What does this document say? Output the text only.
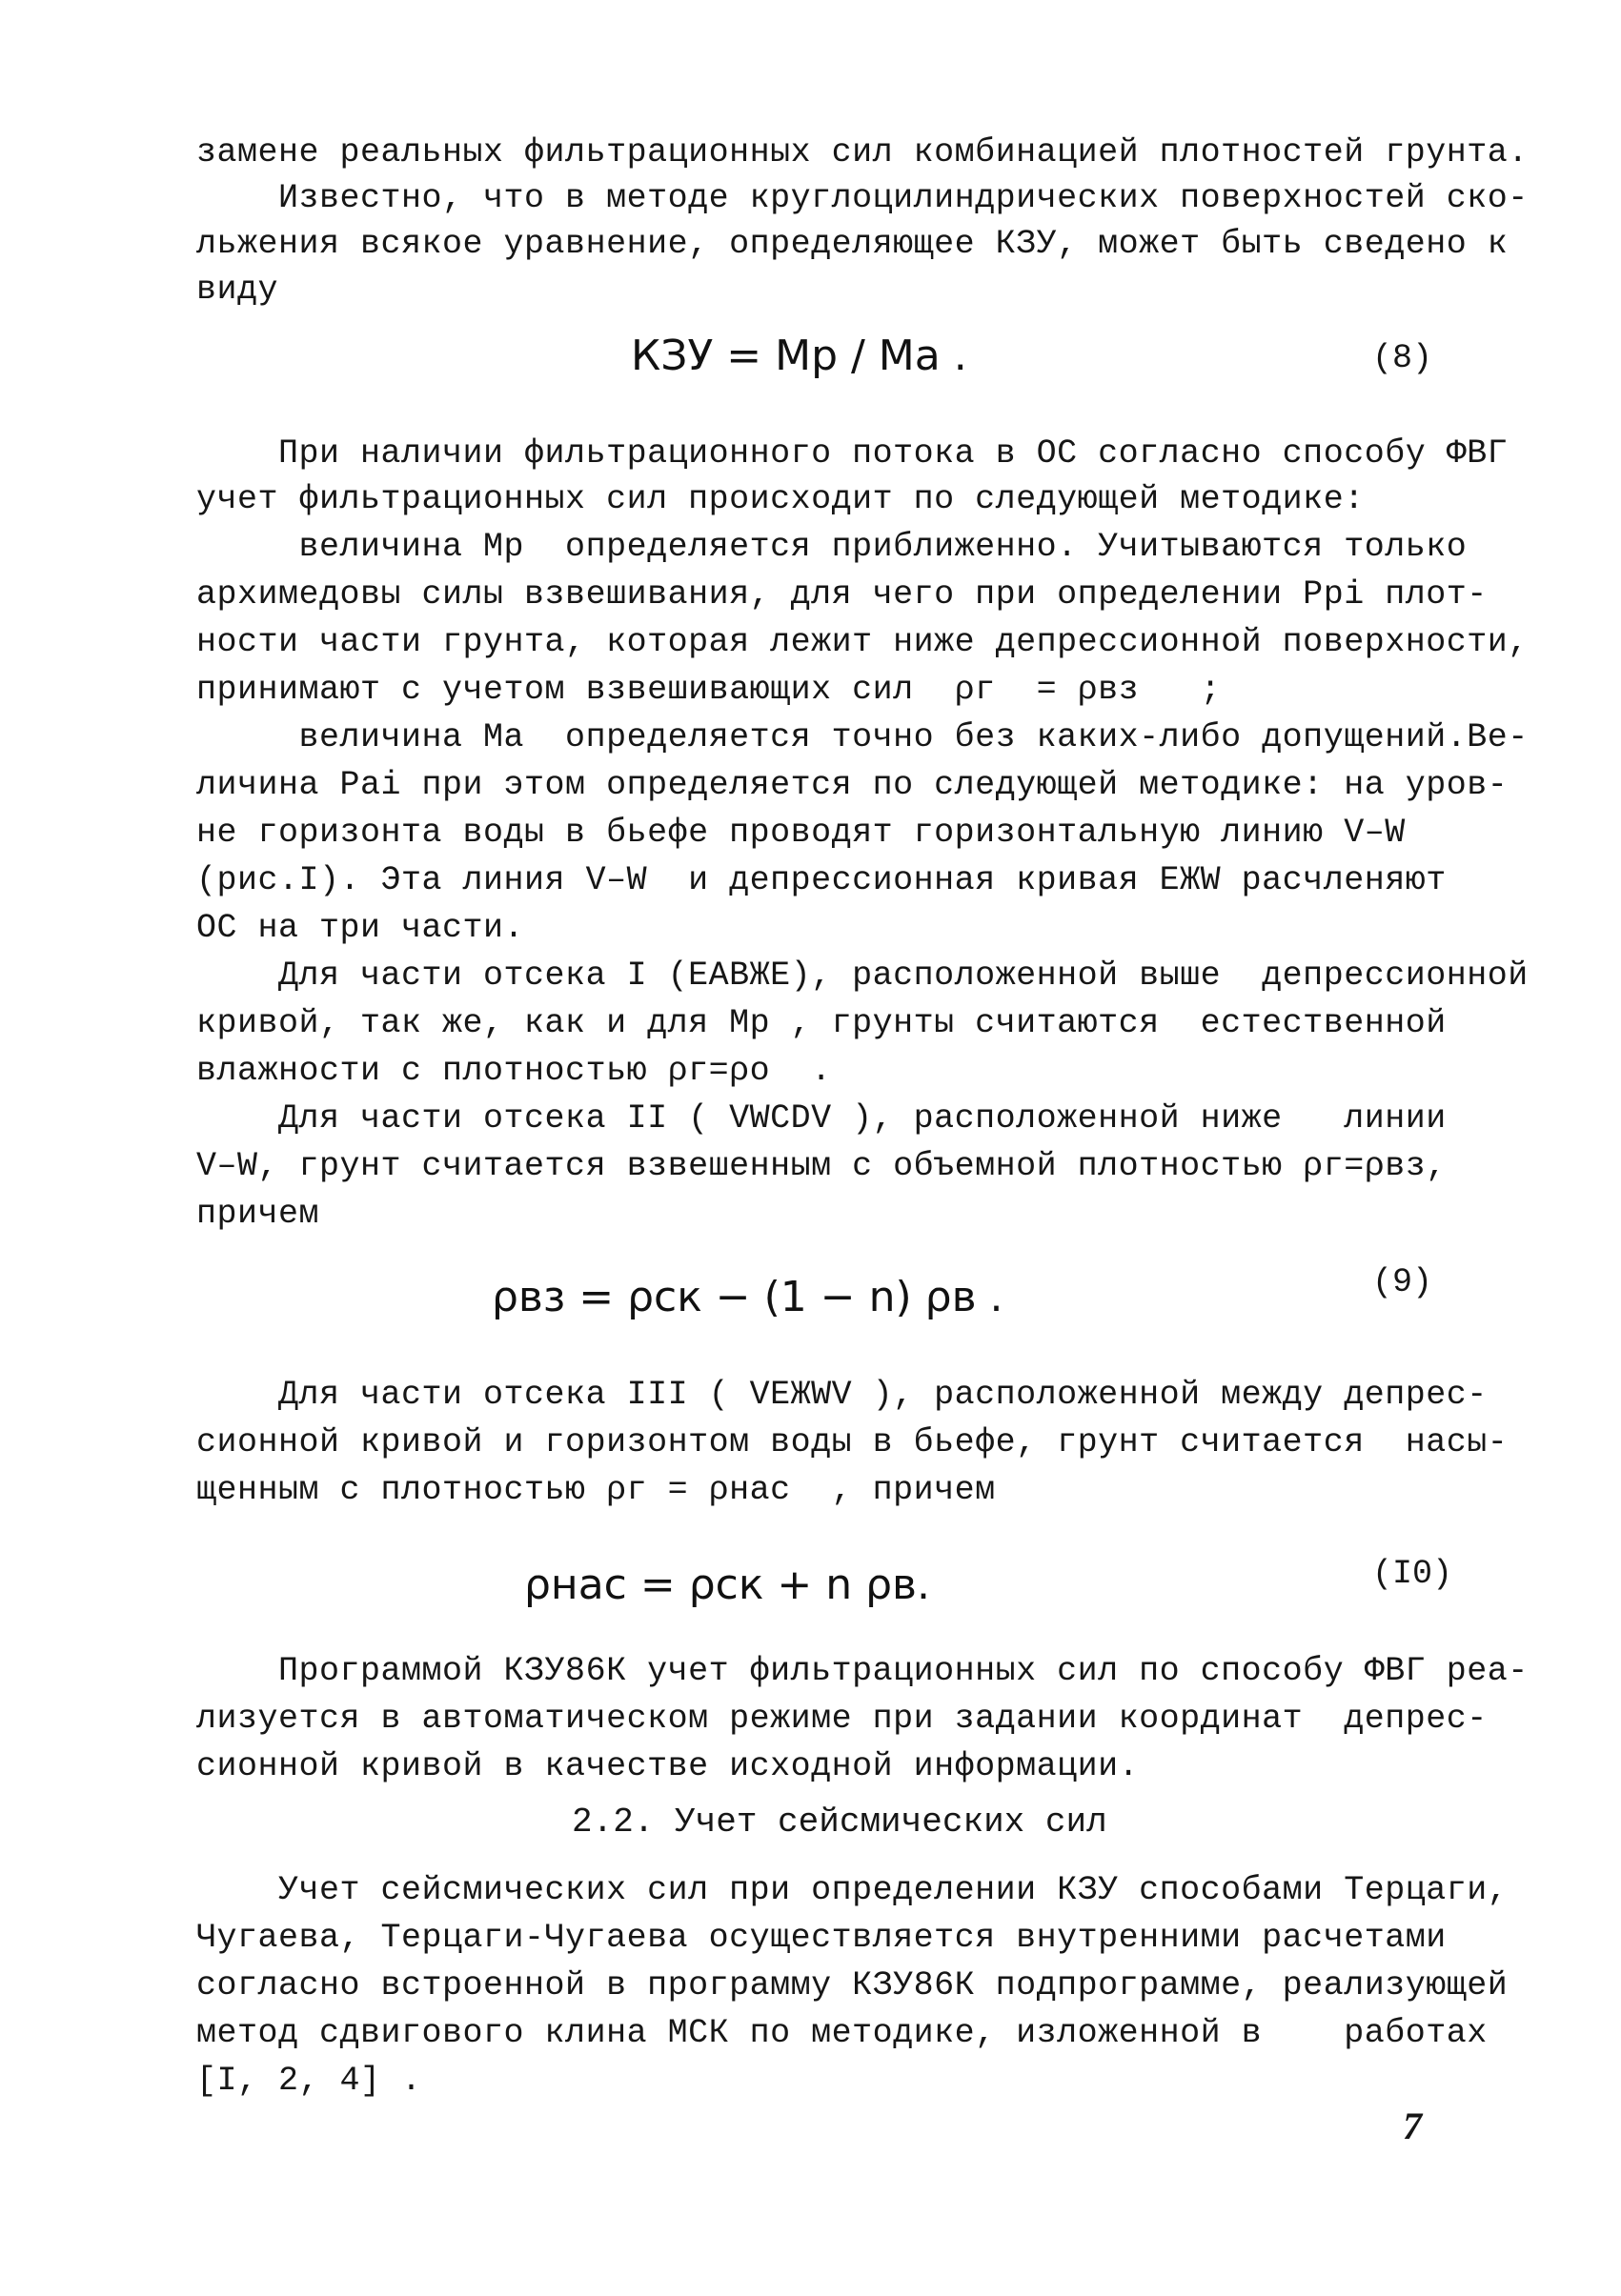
замене реальных фильтрационных сил комбинацией плотностей грунта.
Известно, что в методе круглоцилиндрических поверхностей ско-
льжения всякое уравнение, определяющее КЗУ, может быть сведено к
виду
КЗУ = Мр / Мa .	(8)
При наличии фильтрационного потока в ОС согласно способу ФВГ
учет фильтрационных сил происходит по следующей методике:
величина Мр  определяется приближенно. Учитываются только
архимедовы силы взвешивания, для чего при определении Ppi плот-
ности части грунта, которая лежит ниже депрессионной поверхности,
принимают с учетом взвешивающих сил  ρг  = ρвз   ;
величина Мa  определяется точно без каких-либо допущений.Ве-
личина Pai при этом определяется по следующей методике: на уров-
не горизонта воды в бьефе проводят горизонтальную линию V–W
(рис.I). Эта линия V–W  и депрессионная кривая ЕЖW расчленяют
ОС на три части.
Для части отсека I (ЕАВЖЕ), расположенной выше  депрессионной
кривой, так же, как и для Мр , грунты считаются  естественной
влажности с плотностью ρг=ρо  .
Для части отсека II ( VWCDV ), расположенной ниже   линии
V–W, грунт считается взвешенным с объемной плотностью ρг=ρвз,
причем
ρвз = ρск − (1 − n) ρв .	(9)
Для части отсека III ( VЕЖWV ), расположенной между депрес-
сионной кривой и горизонтом воды в бьефе, грунт считается  насы-
щенным с плотностью ρг = ρнас  , причем
ρнас = ρск + n ρв.	(I0)
Программой КЗУ86К учет фильтрационных сил по способу ФВГ реа-
лизуется в автоматическом режиме при задании координат  депрес-
сионной кривой в качестве исходной информации.
2.2. Учет сейсмических сил
Учет сейсмических сил при определении КЗУ способами Терцаги,
Чугаева, Терцаги-Чугаева осуществляется внутренними расчетами
согласно встроенной в программу КЗУ86К подпрограмме, реализующей
метод сдвигового клина МСК по методике, изложенной в    работах
[I, 2, 4] .
7
